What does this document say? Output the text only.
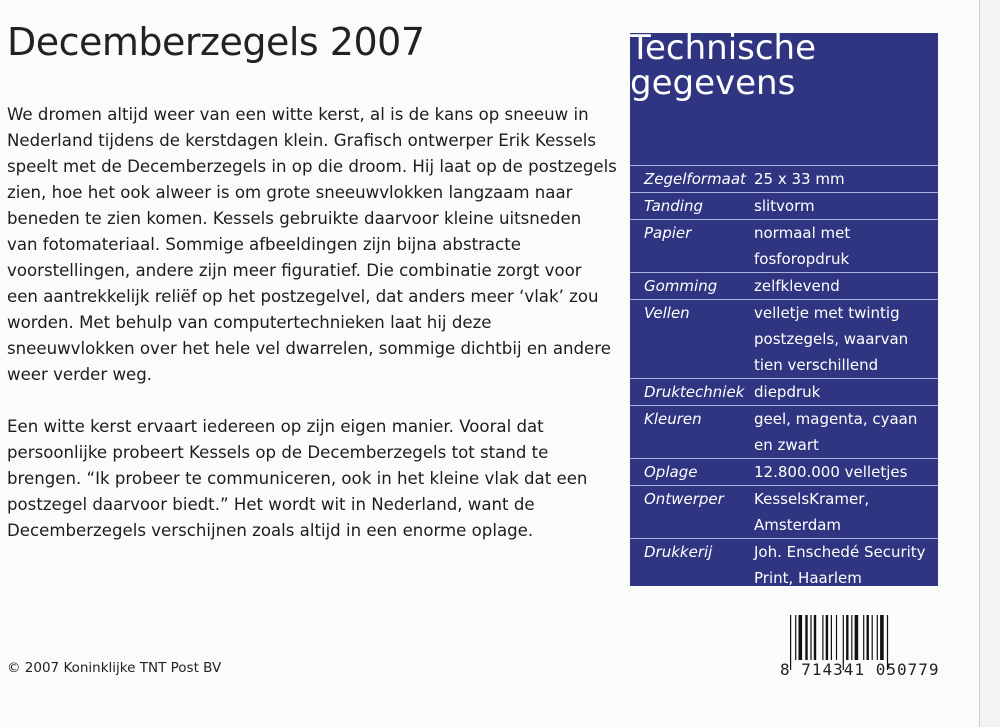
Decemberzegels 2007

We dromen altijd weer van een witte kerst, al is de kans op sneeuw in Nederland tijdens de kerstdagen klein. Grafisch ontwerper Erik Kessels speelt met de Decemberzegels in op die droom. Hij laat op de postzegels zien, hoe het ook alweer is om grote sneeuwvlokken langzaam naar beneden te zien komen. Kessels gebruikte daarvoor kleine uitsneden van fotomateriaal. Sommige afbeeldingen zijn bijna abstracte voorstellingen, andere zijn meer figuratief. Die combinatie zorgt voor een aantrekkelijk reliëf op het postzegelvel, dat anders meer ‘vlak’ zou worden. Met behulp van computertechnieken laat hij deze sneeuwvlokken over het hele vel dwarrelen, sommige dichtbij en andere weer verder weg.

Een witte kerst ervaart iedereen op zijn eigen manier. Vooral dat persoonlijke probeert Kessels op de Decemberzegels tot stand te brengen. “Ik probeer te communiceren, ook in het kleine vlak dat een postzegel daarvoor biedt.” Het wordt wit in Nederland, want de Decemberzegels verschijnen zoals altijd in een enorme oplage.

© 2007 Koninklijke TNT Post BV
Technische
gegevens
Zegelformaat 25 x 33 mm
Tanding	slitvorm
Papier	normaal met fosforopdruk
Gomming	zelfklevend
Vellen	velletje met twintig postzegels, waarvan tien verschillend
Druktechniek diepdruk
Kleuren	geel, magenta, cyaan en zwart
Oplage	12.800.000 velletjes
Ontwerper	KesselsKramer, Amsterdam
Drukkerij	Joh. Enschedé Security Print, Haarlem
8 714341 050779
